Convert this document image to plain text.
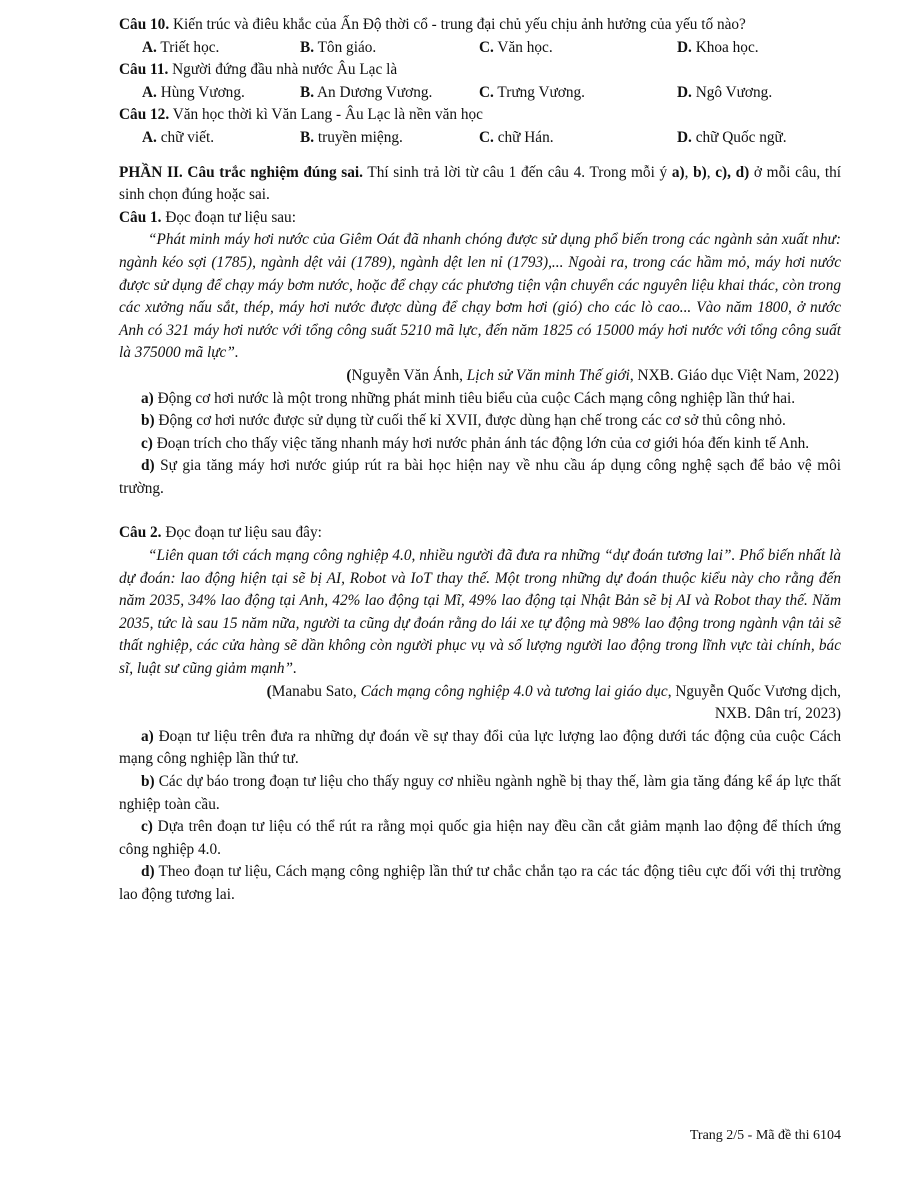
Câu 10. Kiến trúc và điêu khắc của Ấn Độ thời cổ - trung đại chủ yếu chịu ảnh hưởng của yếu tố nào?
A. Triết học.	B. Tôn giáo.	C. Văn học.	D. Khoa học.
Câu 11. Người đứng đầu nhà nước Âu Lạc là
A. Hùng Vương.	B. An Dương Vương.	C. Trưng Vương.	D. Ngô Vương.
Câu 12. Văn học thời kì Văn Lang - Âu Lạc là nền văn học
A. chữ viết.	B. truyền miệng.	C. chữ Hán.	D. chữ Quốc ngữ.
PHẦN II. Câu trắc nghiệm đúng sai. Thí sinh trả lời từ câu 1 đến câu 4. Trong mỗi ý a), b), c), d) ở mỗi câu, thí sinh chọn đúng hoặc sai.
Câu 1. Đọc đoạn tư liệu sau:
“Phát minh máy hơi nước của Giêm Oát đã nhanh chóng được sử dụng phổ biến trong các ngành sản xuất như: ngành kéo sợi (1785), ngành dệt vải (1789), ngành dệt len nỉ (1793),... Ngoài ra, trong các hầm mỏ, máy hơi nước được sử dụng để chạy máy bơm nước, hoặc để chạy các phương tiện vận chuyển các nguyên liệu khai thác, còn trong các xưởng nấu sắt, thép, máy hơi nước được dùng để chạy bơm hơi (gió) cho các lò cao... Vào năm 1800, ở nước Anh có 321 máy hơi nước với tổng công suất 5210 mã lực, đến năm 1825 có 15000 máy hơi nước với tổng công suất là 375000 mã lực”.
(Nguyễn Văn Ánh, Lịch sử Văn minh Thế giới, NXB. Giáo dục Việt Nam, 2022)
a) Động cơ hơi nước là một trong những phát minh tiêu biểu của cuộc Cách mạng công nghiệp lần thứ hai.
b) Động cơ hơi nước được sử dụng từ cuối thế kỉ XVII, được dùng hạn chế trong các cơ sở thủ công nhỏ.
c) Đoạn trích cho thấy việc tăng nhanh máy hơi nước phản ánh tác động lớn của cơ giới hóa đến kinh tế Anh.
d) Sự gia tăng máy hơi nước giúp rút ra bài học hiện nay về nhu cầu áp dụng công nghệ sạch để bảo vệ môi trường.
Câu 2. Đọc đoạn tư liệu sau đây:
“Liên quan tới cách mạng công nghiệp 4.0, nhiều người đã đưa ra những “dự đoán tương lai”. Phổ biến nhất là dự đoán: lao động hiện tại sẽ bị AI, Robot và IoT thay thế. Một trong những dự đoán thuộc kiểu này cho rằng đến năm 2035, 34% lao động tại Anh, 42% lao động tại Mĩ, 49% lao động tại Nhật Bản sẽ bị AI và Robot thay thế. Năm 2035, tức là sau 15 năm nữa, người ta cũng dự đoán rằng do lái xe tự động mà 98% lao động trong ngành vận tải sẽ thất nghiệp, các cửa hàng sẽ dần không còn người phục vụ và số lượng người lao động trong lĩnh vực tài chính, bác sĩ, luật sư cũng giảm mạnh”.
(Manabu Sato, Cách mạng công nghiệp 4.0 và tương lai giáo dục, Nguyễn Quốc Vương dịch,
NXB. Dân trí, 2023)
a) Đoạn tư liệu trên đưa ra những dự đoán về sự thay đổi của lực lượng lao động dưới tác động của cuộc Cách mạng công nghiệp lần thứ tư.
b) Các dự báo trong đoạn tư liệu cho thấy nguy cơ nhiều ngành nghề bị thay thế, làm gia tăng đáng kể áp lực thất nghiệp toàn cầu.
c) Dựa trên đoạn tư liệu có thể rút ra rằng mọi quốc gia hiện nay đều cần cắt giảm mạnh lao động để thích ứng công nghiệp 4.0.
d) Theo đoạn tư liệu, Cách mạng công nghiệp lần thứ tư chắc chắn tạo ra các tác động tiêu cực đối với thị trường lao động tương lai.
Trang 2/5 - Mã đề thi 6104
